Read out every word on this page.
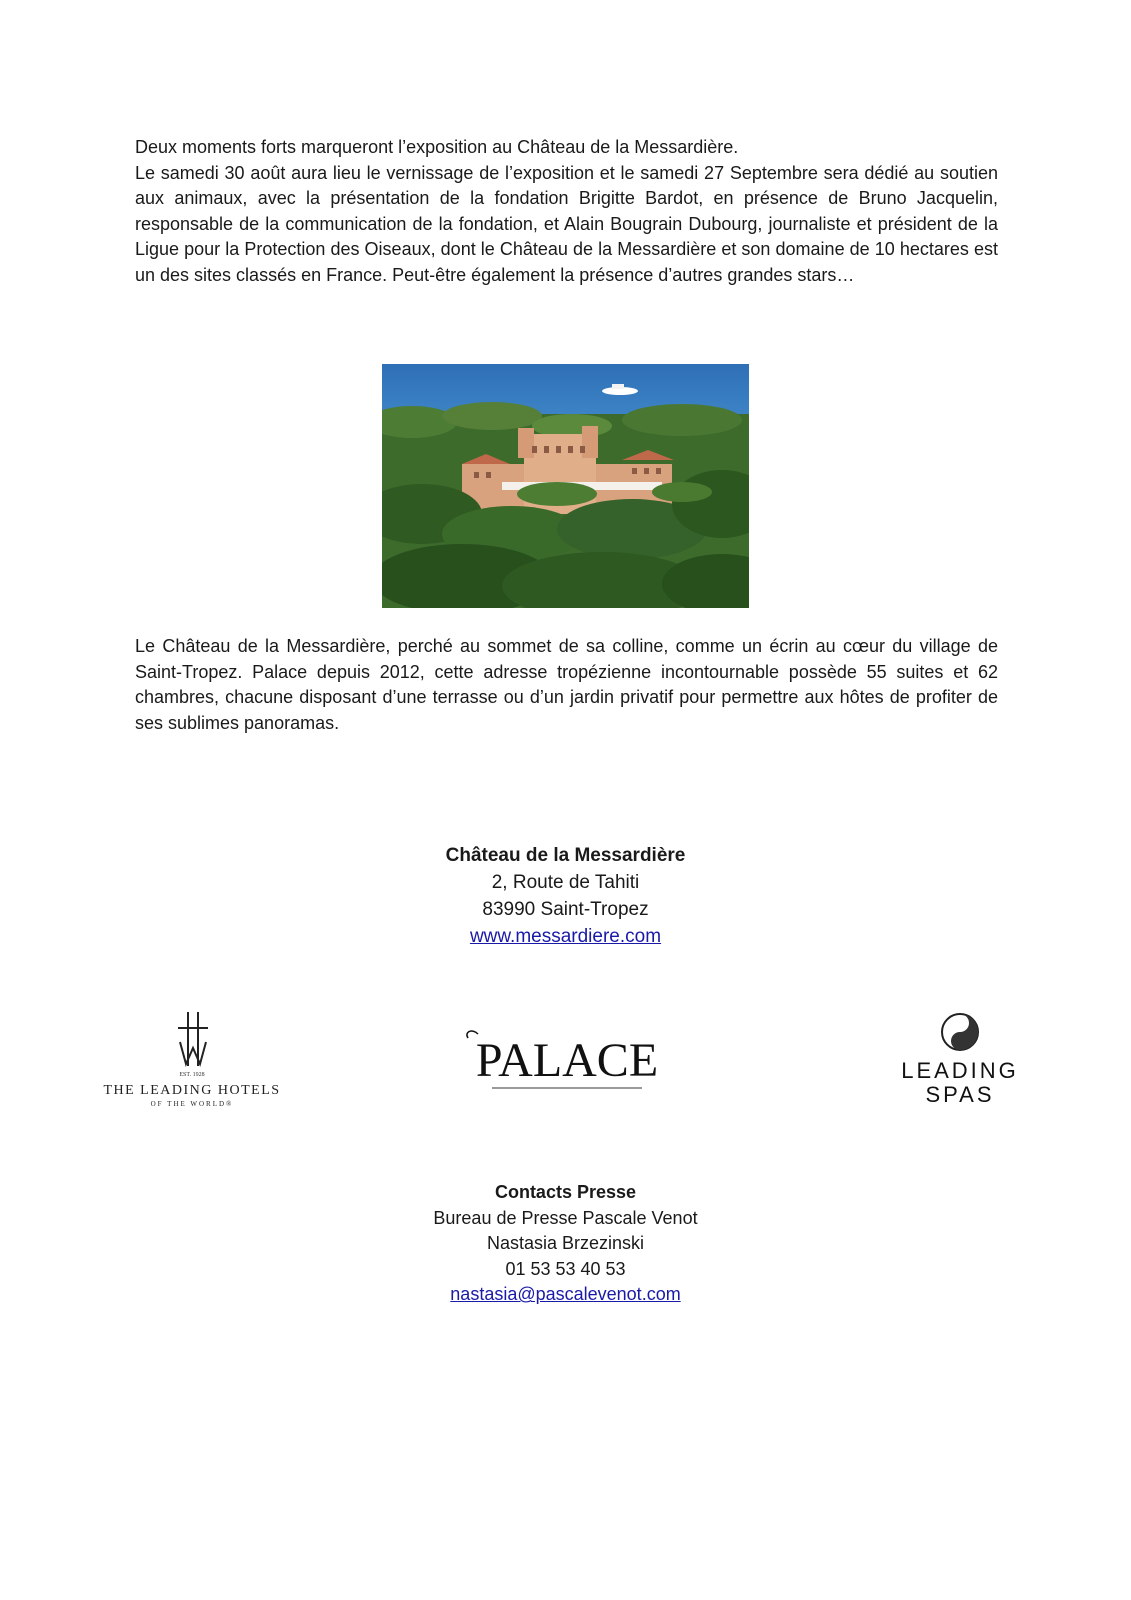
Deux moments forts marqueront l’exposition au Château de la Messardière.
Le samedi 30 août aura lieu le vernissage de l’exposition et le samedi 27 Septembre sera dédié au soutien aux animaux, avec la présentation de la fondation Brigitte Bardot, en présence de Bruno Jacquelin, responsable de la communication de la fondation, et Alain Bougrain Dubourg, journaliste et président de la Ligue pour la Protection des Oiseaux, dont le Château de la Messardière et son domaine de 10 hectares est un des sites classés en France. Peut-être également la présence d’autres grandes stars…
Le Château de la Messardière, perché au sommet de sa colline, comme un écrin au cœur du village de Saint-Tropez. Palace depuis 2012, cette adresse tropézienne incontournable possède 55 suites et 62 chambres, chacune disposant d’une terrasse ou d’un jardin privatif pour permettre aux hôtes de profiter de ses sublimes panoramas.
Château de la Messardière
2, Route de Tahiti
83990 Saint-Tropez
www.messardiere.com
EST. 1928
THE LEADING HOTELS
OF THE WORLD®
PALACE	LEADING
SPAS
Contacts Presse
Bureau de Presse Pascale Venot
Nastasia Brzezinski
01 53 53 40 53
nastasia@pascalevenot.com
